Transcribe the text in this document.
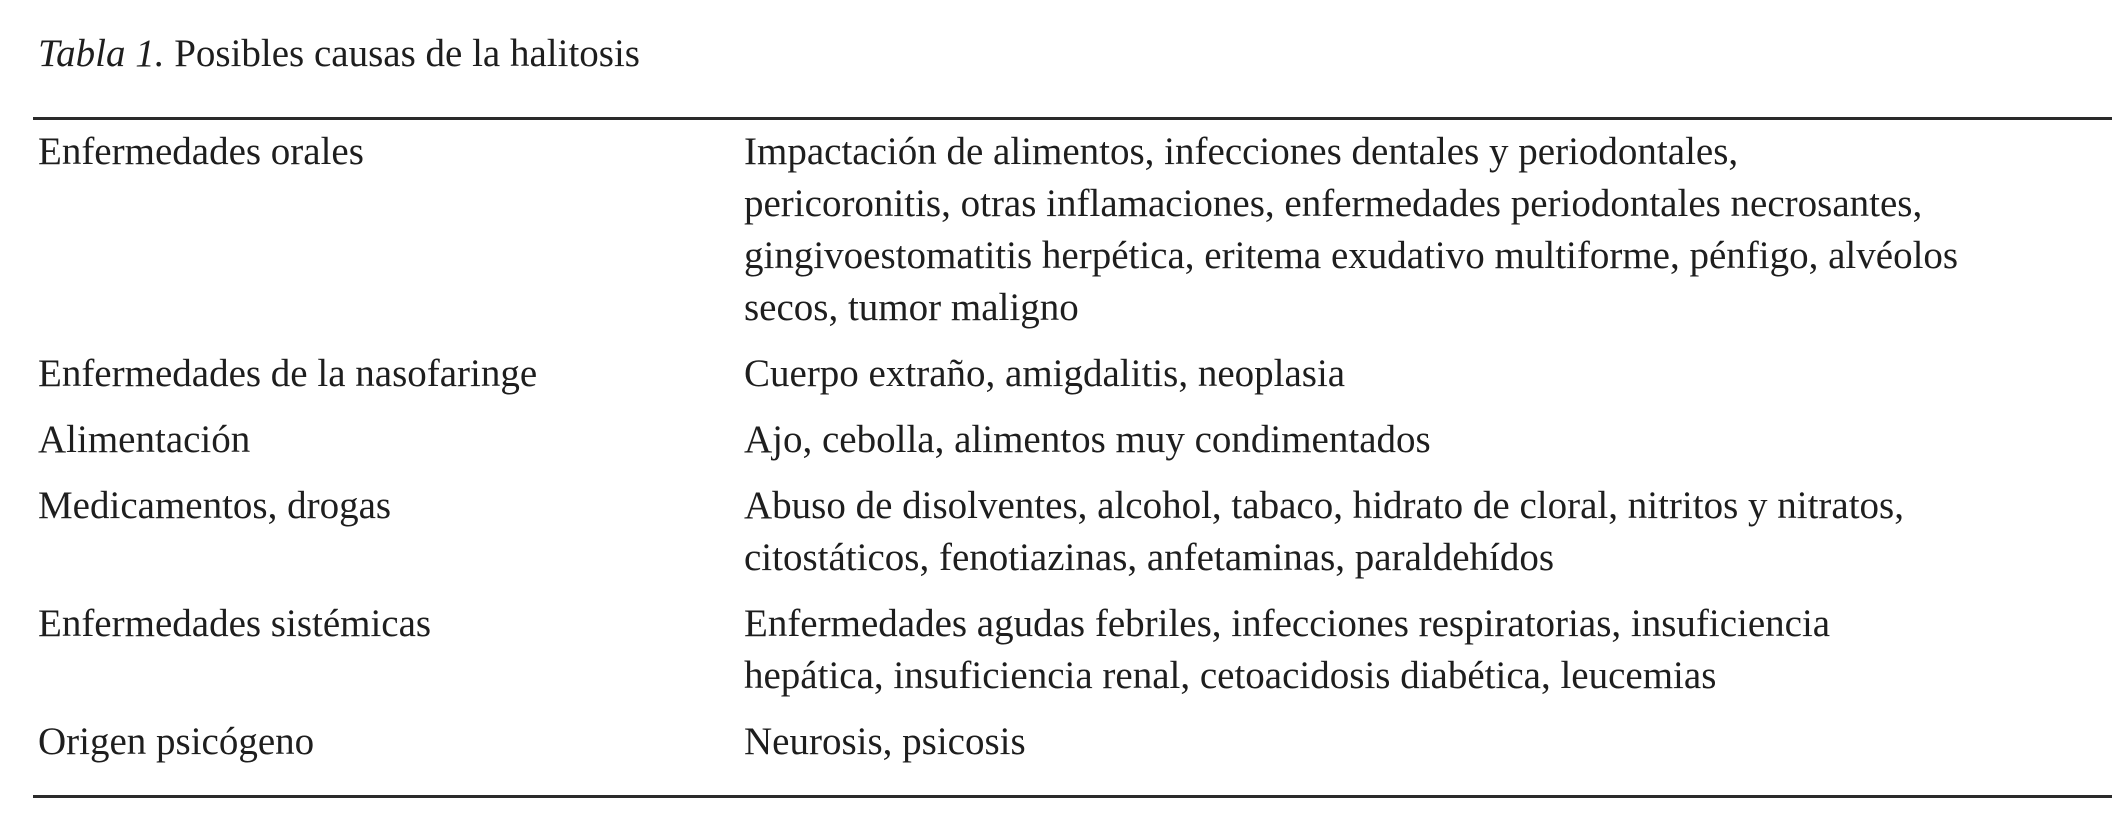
Tabla 1. Posibles causas de la halitosis
Enfermedades orales	Impactación de alimentos, infecciones dentales y periodontales,
pericoronitis, otras inflamaciones, enfermedades periodontales necrosantes,
gingivoestomatitis herpética, eritema exudativo multiforme, pénfigo, alvéolos
secos, tumor maligno
Enfermedades de la nasofaringe	Cuerpo extraño, amigdalitis, neoplasia
Alimentación	Ajo, cebolla, alimentos muy condimentados
Medicamentos, drogas	Abuso de disolventes, alcohol, tabaco, hidrato de cloral, nitritos y nitratos,
citostáticos, fenotiazinas, anfetaminas, paraldehídos
Enfermedades sistémicas	Enfermedades agudas febriles, infecciones respiratorias, insuficiencia
hepática, insuficiencia renal, cetoacidosis diabética, leucemias
Origen psicógeno	Neurosis, psicosis
